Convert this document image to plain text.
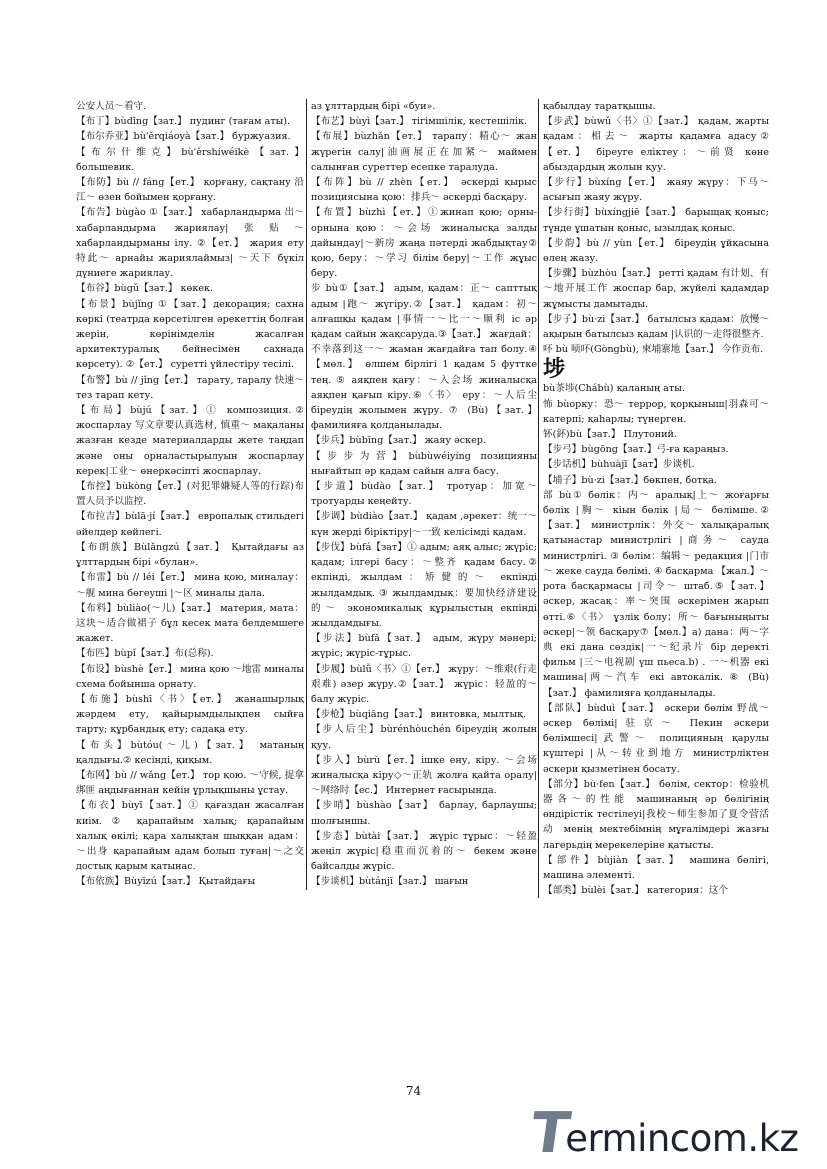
公安人员～看守.
【布丁】bùdīng【зат.】 пудинг (тағам аты).
【布尔乔亚】bù'ěrqiáoyà【зат.】 буржуазия.
【布尔什维克】bù'ěrshíwéikè【зат.】 большевик.
【布防】bù // fáng【ет.】 қорғану, сақтану 沿江～ өзен бойымен қорғану.
【布告】bùgào ①【зат.】 хабарландырма 出～ хабарландырма жариялау|张贴～ хабарландырманы ілу. ②【ет.】 жария ету 特此～ арнайы жариялаймыз| ～天下 бүкіл дүниеге жариялау.
【布谷】bùgǔ【зат.】 көкек.
【布景】bùjǐng ①【зат.】декорация; сахна көркі (театрда көрсетілген әрекеттің болған жерін, көрінімделін жасалған архитектуралық бейнесімен сахнада көрсету). ②【ет.】 суретті үйлестіру тесілі.
【布警】bù // jǐng【ет.】 тарату, таралу 快速～ тез тарап кету.
【布局】bùjú【зат.】① композиция.② жоспарлау 写文章要认真选材, 慎重～ мақаланы жазған кезде материалдарды жете таңдап және оны орналастырылуын жоспарлау керек|工业～ өнеркәсіпті жоспарлау.
【布控】bùkòng【ет.】(对犯罪嫌疑人等的行踪)布置人员予以监控.
【布拉吉】bùlā·jí【зат.】 европалық стильдегі әйелдер көйлегі.
【布朗族】Bùlǎngzú【зат.】 Қытайдағы аз ұлттардың бірі «булан».
【布雷】bù // léi【ет.】 мина қою, миналау：～舰 мина бөгеуші |～区 миналы дала.
【布料】bùliào(～儿)【зат.】 материя, мата：这块～适合做裙子 бұл кесек мата белдемшеге жажет.
【布匹】bùpǐ【зат.】布(总称).
【布设】bùshè【ет.】 мина қою ～地雷 миналы схема бойынша орнату.
【布施】bùshī〈书〉【ет.】 жанашырлық жәрдем ету, қайырымдылықпен сыйға тарту; құрбандық ету; садақа ету.
【布头】bùtóu(～儿)【зат.】 матаның қалдығы.② кесінді, қиқым.
【布网】bù // wǎng【ет.】 тор қою. ～守候, 捉拿绑匪 аңдығаннан кейін ұрлықшыны ұстау.
【布衣】bùyī【зат.】① қағаздан жасалған киім. ② қарапайым халық; қарапайым халық өкілі; қара халықтан шыққан адам：～出身 қарапайым адам болып туған|～之交 достық қарым қатынас.
【布依族】Bùyīzú【зат.】 Қытайдағы
аз ұлттардың бірі «буи».
【布艺】bùyì【зат.】 тігімшілік, кестешілік.
【布展】bùzhǎn【ет.】 тарапу：精心～ жан жүрегін салу|油画展正在加紧～ маймен салынған суреттер есепке таралуда.
【布阵】bù // zhèn【ет.】 әскерді қырыс позициясына қою：排兵～ әскерді басқару.
【布置】bùzhì【ет.】①жинап қою; орны-орнына қою：～会场 жиналысқа залды дайындау|～新房 жаңа пәтерді жабдықтау② қою, беру：～学习 білім беру|～工作 жұыс беру.
步 bù①【зат.】 адым, қадам：正～ сапттық адым |跑～ жүгіру.②【зат.】 қадам：初～ алғашқы қадам |事情一～比一～顺利 іс әр қадам сайын жақсаруда.③【зат.】 жағдай：不幸落到这一～ жаман жағдайға тап болу.④【мөл.】 өлшем бірлігі 1 қадам 5 футтке тең. ⑤ аяқпен қағу：～入会场 жиналысқа аяқпен қағып кіру.⑥〈书〉 еру：～人后尘 біреудің жолымен жүру. ⑦ (Bù)【зат.】 фамилияға қолданылады.
【步兵】bùbīng【зат.】 жаяу әскер.
【步步为营】bùbùwéiyíng позицияны нығайтып әр қадам сайын алға басу.
【步道】bùdào【зат.】 тротуар：加宽～ тротуарды кеңейту.
【步调】bùdiào【зат.】 қадам ,әрекет：统一～ күн жерді біріктіру|～一致 келісімді қадам.
【步伐】bùfá【зат】① адым; аяқ алыс; жүріс; қадам; ілгері басу：～整齐 қадам басу.② екпінді, жылдам：矫健的～ екпінді жылдамдық. ③ жылдамдық：要加快经济建设的～ экономикалық құрылыстың екпінді жылдамдығы.
【步法】bùfǎ【зат.】 адым, жүру мәнері; жүріс; жүріс-тұрыс.
【步履】bùlǚ〈书〉①【ет.】 жүру：～维艰(行走艰难) әзер жүру.②【зат.】 жүріс：轻盈的～ балу жүріс.
【步枪】bùqiāng【зат.】 винтовка, мылтық.
【步人后尘】bùrénhòuchén біреудің жолын қуу.
【步入】bùrù【ет.】ішке ену, кіру. ～会场 жиналысқа кіру◇～正轨 жолға қайта оралу|～网络时【ес.】 Интернет ғасырында.
【步哨】bùshào【зат】 барлау, барлаушы; шолғыншы.
【步态】bùtài【зат.】 жүріс тұрыс：～轻盈 жеңіл жүріс|稳重而沉着的～ бекем және байсалды жүріс.
【步谈机】bùtánjī【зат.】 шағын
қабылдау таратқышы.
【步武】bùwǔ〈书〉①【зат.】 қадам, жарты қадам：相去～ жарты қадамға адасу② 【ет.】 біреуге еліктеу：～前贤 көне абыздардың жолын қуу.
【步行】bùxíng【ет.】 жаяу жүру：下马～асығып жаяу жүру.
【步行街】bùxíngjiē【зат.】 барыщақ қоныс; түнде ұшатын қоныс, ызылдақ қоныс.
【步韵】bù // yùn【ет.】 біреудің ұйқасына өлең жазу.
【步骤】bùzhòu【зат.】 ретті қадам 有计划、有～地开展工作 жоспар бар, жүйелі қадамдар жұмысты дамытады.
【步子】bù·zi【зат.】 батылсыз қадам：放慢～ақырын батылсыз қадам |认识的～走得很整齐.
吥 bù 唝吥(Gòngbù), 柬埔寨地【зат.】 今作贡布.
埗
bù茶埗(Chábù) қаланың аты.
怖 bùорку：恐～ террор, қорқыныш|羽森可～катерпі; қаһарлы; түнерген.
钚(鈈)bù【зат.】 Плутоний.
【步弓】bùgōng【зат.】弓-ға қараңыз.
【步话机】bùhuàjī【зат】步谈机.
【埔子】bù·zi【зат.】бөкпен, ботқа.
部 bù① бөлік：内～ аралық|上～ жоғарғы бөлік |胸～ кіын бөлік |局～ бөлімше.②【зат.】 министрлік：外交～ халықаралық қатынастар министрлігі |商务～ сауда министрлігі. ③ бөлім：编辑～ редакция |门市～ жеке сауда бөлімі. ④ басқарма 【жал.】～ рота басқармасы |司令～ штаб.⑤【зат.】 әскер, жасақ：率～突围 әскерімен жарып өтті.⑥〈书〉 ұзлік болу；所～ бағыныңыты әскер|～领 басқару⑦【мөл.】а) дана：两～字典 екі дана сөздік|一～纪录片 бір деректі фильм |三～电视剧 үш пьеса.b) . 一～机器 екі машина|两～汽车 екі автокалік. ⑧ (Bù)【зат.】 фамилияға қолданылады.
【部队】bùduì【зат.】 әскери бөлім 野战～ әскер бөлімі|驻京～ Пекин әскери бөлімшесі|武警～ полицияның қарулы күштері |从～转业到地方 министрліктен әскери қызметінен босату.
【部分】bù·fen【зат.】 бөлім, сектор：检验机器各～的性能 машинаның әр бөлігінің өндірістік тестілеуі|我校～师生参加了夏令营活动 менің мектебімнің мұғалімдері жазғы лагерьдің мерекелеріне қатысты.
【部件】bùjiàn【зат.】 машина бөлігі, машина элементі.
【部类】bùlèi【зат.】 категория：这个
74
T
ermincom.kz
